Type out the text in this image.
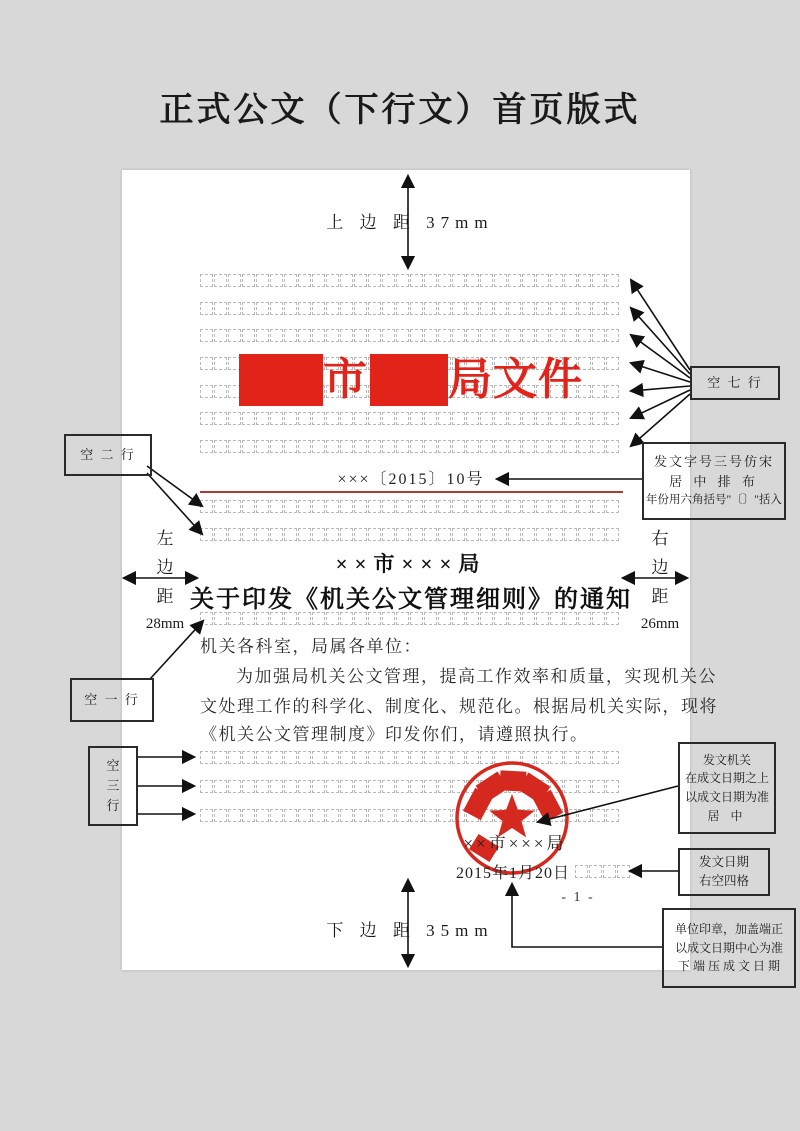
正式公文（下行文）首页版式
市 局文件
×××〔2015〕10号
××市×××局
关于印发《机关公文管理细则》的通知
机关各科室，局属各单位：
为加强局机关公文管理，提高工作效率和质量，实现机关公
文处理工作的科学化、制度化、规范化。根据局机关实际，现将
《机关公文管理制度》印发你们，请遵照执行。
××市×××局
2015年1月20日
- 1 -
上 边 距 37mm
下 边 距 35mm
左
边
距
28mm
右
边
距
26mm
空 七 行
空 二 行
空 一 行
空
三
行
发文字号三号仿宋
居 中 排 布
年份用六角括号"〔〕"括入
发文机关
在成文日期之上
以成文日期为准
居 中
发文日期
右空四格
单位印章，加盖端正
以成文日期中心为准
下 端 压 成 文 日 期
